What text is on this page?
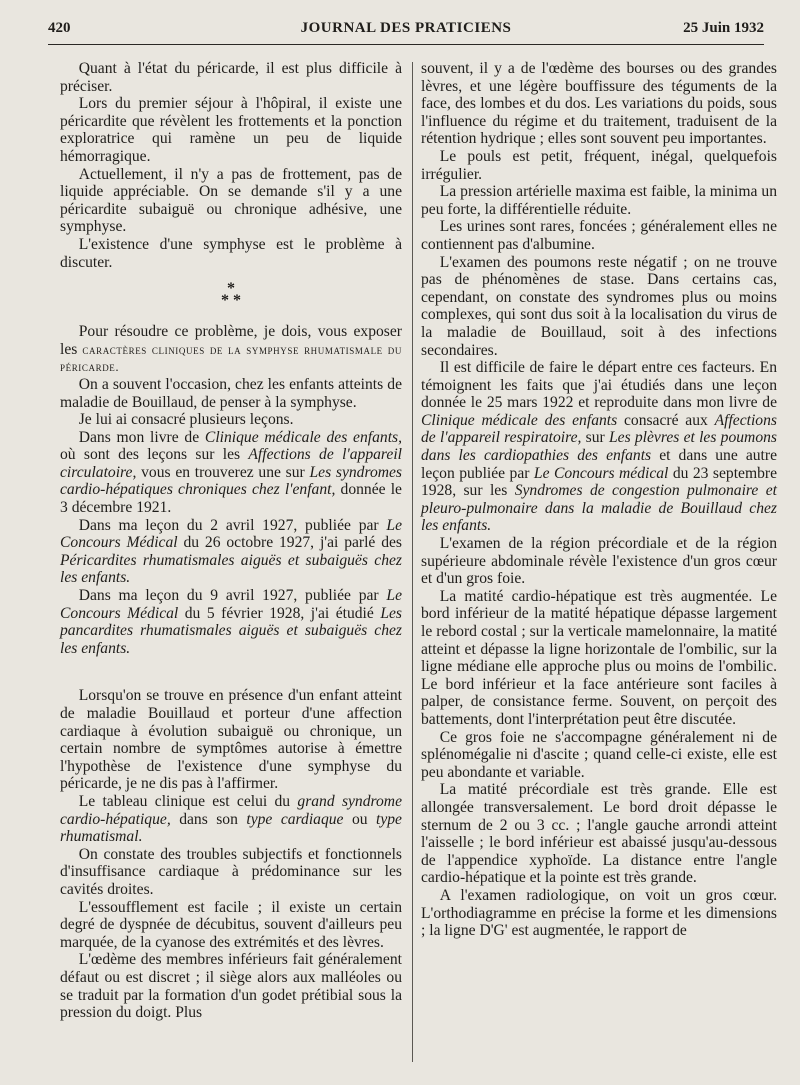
420	JOURNAL DES PRATICIENS	25 Juin 1932

Quant à l'état du péricarde, il est plus difficile à préciser.

Lors du premier séjour à l'hôpiral, il existe une péricardite que révèlent les frottements et la ponction exploratrice qui ramène un peu de liquide hémorragique.

Actuellement, il n'y a pas de frottement, pas de liquide appréciable. On se demande s'il y a une péricardite subaiguë ou chronique adhésive, une symphyse.

L'existence d'une symphyse est le problème à discuter.

*
* *

Pour résoudre ce problème, je dois, vous exposer les caractères cliniques de la symphyse rhumatismale du péricarde.

On a souvent l'occasion, chez les enfants atteints de maladie de Bouillaud, de penser à la symphyse.

Je lui ai consacré plusieurs leçons.

Dans mon livre de Clinique médicale des enfants, où sont des leçons sur les Affections de l'appareil circulatoire, vous en trouverez une sur Les syndromes cardio-hépatiques chroniques chez l'enfant, donnée le 3 décembre 1921.

Dans ma leçon du 2 avril 1927, publiée par Le Concours Médical du 26 octobre 1927, j'ai parlé des Péricardites rhumatismales aiguës et subaiguës chez les enfants.

Dans ma leçon du 9 avril 1927, publiée par Le Concours Médical du 5 février 1928, j'ai étudié Les pancardites rhumatismales aiguës et subaiguës chez les enfants.

Lorsqu'on se trouve en présence d'un enfant atteint de maladie Bouillaud et porteur d'une affection cardiaque à évolution subaiguë ou chronique, un certain nombre de symptômes autorise à émettre l'hypothèse de l'existence d'une symphyse du péricarde, je ne dis pas à l'affirmer.

Le tableau clinique est celui du grand syndrome cardio-hépatique, dans son type cardiaque ou type rhumatismal.

On constate des troubles subjectifs et fonctionnels d'insuffisance cardiaque à prédominance sur les cavités droites.

L'essoufflement est facile ; il existe un certain degré de dyspnée de décubitus, souvent d'ailleurs peu marquée, de la cyanose des extrémités et des lèvres.

L'œdème des membres inférieurs fait généralement défaut ou est discret ; il siège alors aux malléoles ou se traduit par la formation d'un godet prétibial sous la pression du doigt. Plus

souvent, il y a de l'œdème des bourses ou des grandes lèvres, et une légère bouffissure des téguments de la face, des lombes et du dos. Les variations du poids, sous l'influence du régime et du traitement, traduisent de la rétention hydrique ; elles sont souvent peu importantes.

Le pouls est petit, fréquent, inégal, quelquefois irrégulier.

La pression artérielle maxima est faible, la minima un peu forte, la différentielle réduite.

Les urines sont rares, foncées ; généralement elles ne contiennent pas d'albumine.

L'examen des poumons reste négatif ; on ne trouve pas de phénomènes de stase. Dans certains cas, cependant, on constate des syndromes plus ou moins complexes, qui sont dus soit à la localisation du virus de la maladie de Bouillaud, soit à des infections secondaires.

Il est difficile de faire le départ entre ces facteurs. En témoignent les faits que j'ai étudiés dans une leçon donnée le 25 mars 1922 et reproduite dans mon livre de Clinique médicale des enfants consacré aux Affections de l'appareil respiratoire, sur Les plèvres et les poumons dans les cardiopathies des enfants et dans une autre leçon publiée par Le Concours médical du 23 septembre 1928, sur les Syndromes de congestion pulmonaire et pleuro-pulmonaire dans la maladie de Bouillaud chez les enfants.

L'examen de la région précordiale et de la région supérieure abdominale révèle l'existence d'un gros cœur et d'un gros foie.

La matité cardio-hépatique est très augmentée. Le bord inférieur de la matité hépatique dépasse largement le rebord costal ; sur la verticale mamelonnaire, la matité atteint et dépasse la ligne horizontale de l'ombilic, sur la ligne médiane elle approche plus ou moins de l'ombilic. Le bord inférieur et la face antérieure sont faciles à palper, de consistance ferme. Souvent, on perçoit des battements, dont l'interprétation peut être discutée.

Ce gros foie ne s'accompagne généralement ni de splénomégalie ni d'ascite ; quand celle-ci existe, elle est peu abondante et variable.

La matité précordiale est très grande. Elle est allongée transversalement. Le bord droit dépasse le sternum de 2 ou 3 cc. ; l'angle gauche arrondi atteint l'aisselle ; le bord inférieur est abaissé jusqu'au-dessous de l'appendice xyphoïde. La distance entre l'angle cardio-hépatique et la pointe est très grande.

A l'examen radiologique, on voit un gros cœur. L'orthodiagramme en précise la forme et les dimensions ; la ligne D'G' est augmentée, le rapport de
